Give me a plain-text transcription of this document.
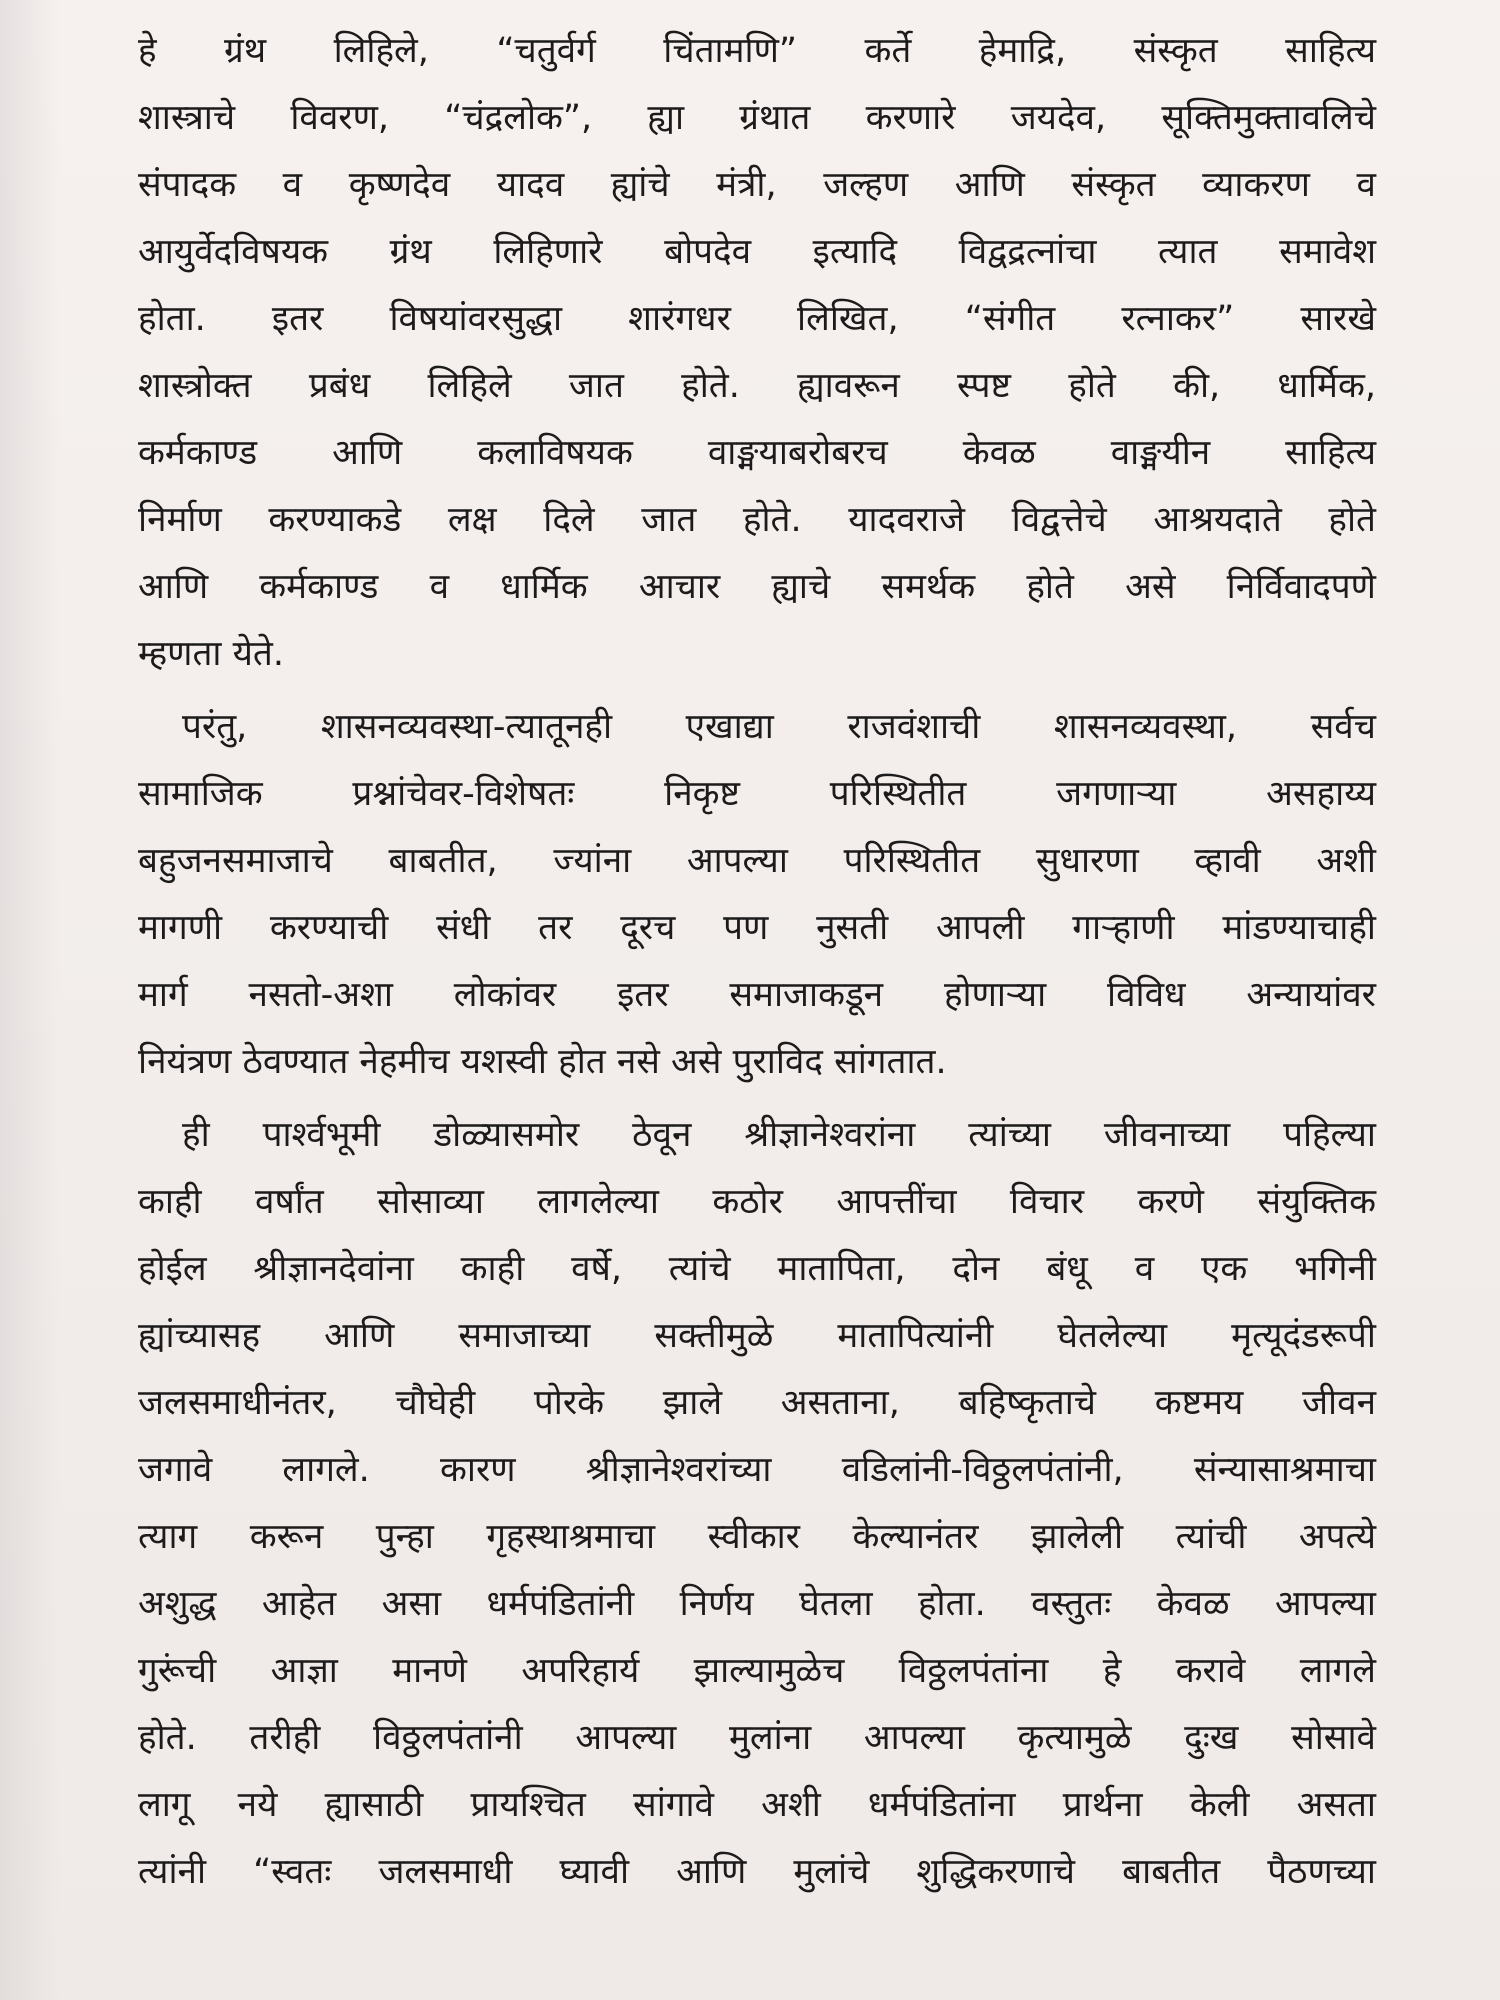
हे ग्रंथ लिहिले, “चतुर्वर्ग चिंतामणि” कर्ते हेमाद्रि, संस्कृत साहित्य
शास्त्राचे विवरण, “चंद्रलोक”, ह्या ग्रंथात करणारे जयदेव, सूक्तिमुक्तावलिचे
संपादक व कृष्णदेव यादव ह्यांचे मंत्री, जल्हण आणि संस्कृत व्याकरण व
आयुर्वेदविषयक ग्रंथ लिहिणारे बोपदेव इत्यादि विद्वद्रत्नांचा त्यात समावेश
होता. इतर विषयांवरसुद्धा शारंगधर लिखित, “संगीत रत्नाकर” सारखे
शास्त्रोक्त प्रबंध लिहिले जात होते. ह्यावरून स्पष्ट होते की, धार्मिक,
कर्मकाण्ड आणि कलाविषयक वाङ्मयाबरोबरच केवळ वाङ्मयीन साहित्य
निर्माण करण्याकडे लक्ष दिले जात होते. यादवराजे विद्वत्तेचे आश्रयदाते होते
आणि कर्मकाण्ड व धार्मिक आचार ह्याचे समर्थक होते असे निर्विवादपणे
म्हणता येते.
परंतु, शासनव्यवस्था-त्यातूनही एखाद्या राजवंशाची शासनव्यवस्था, सर्वच
सामाजिक प्रश्नांचेवर-विशेषतः निकृष्ट परिस्थितीत जगणाऱ्या असहाय्य
बहुजनसमाजाचे बाबतीत, ज्यांना आपल्या परिस्थितीत सुधारणा व्हावी अशी
मागणी करण्याची संधी तर दूरच पण नुसती आपली गाऱ्हाणी मांडण्याचाही
मार्ग नसतो-अशा लोकांवर इतर समाजाकडून होणाऱ्या विविध अन्यायांवर
नियंत्रण ठेवण्यात नेहमीच यशस्वी होत नसे असे पुराविद सांगतात.
ही पार्श्वभूमी डोळ्यासमोर ठेवून श्रीज्ञानेश्वरांना त्यांच्या जीवनाच्या पहिल्या
काही वर्षांत सोसाव्या लागलेल्या कठोर आपत्तींचा विचार करणे संयुक्तिक
होईल श्रीज्ञानदेवांना काही वर्षे, त्यांचे मातापिता, दोन बंधू व एक भगिनी
ह्यांच्यासह आणि समाजाच्या सक्तीमुळे मातापित्यांनी घेतलेल्या मृत्यूदंडरूपी
जलसमाधीनंतर, चौघेही पोरके झाले असताना, बहिष्कृताचे कष्टमय जीवन
जगावे लागले. कारण श्रीज्ञानेश्वरांच्या वडिलांनी-विठ्ठलपंतांनी, संन्यासाश्रमाचा
त्याग करून पुन्हा गृहस्थाश्रमाचा स्वीकार केल्यानंतर झालेली त्यांची अपत्ये
अशुद्ध आहेत असा धर्मपंडितांनी निर्णय घेतला होता. वस्तुतः केवळ आपल्या
गुरूंची आज्ञा मानणे अपरिहार्य झाल्यामुळेच विठ्ठलपंतांना हे करावे लागले
होते. तरीही विठ्ठलपंतांनी आपल्या मुलांना आपल्या कृत्यामुळे दुःख सोसावे
लागू नये ह्यासाठी प्रायश्चित सांगावे अशी धर्मपंडितांना प्रार्थना केली असता
त्यांनी “स्वतः जलसमाधी घ्यावी आणि मुलांचे शुद्धिकरणाचे बाबतीत पैठणच्या
